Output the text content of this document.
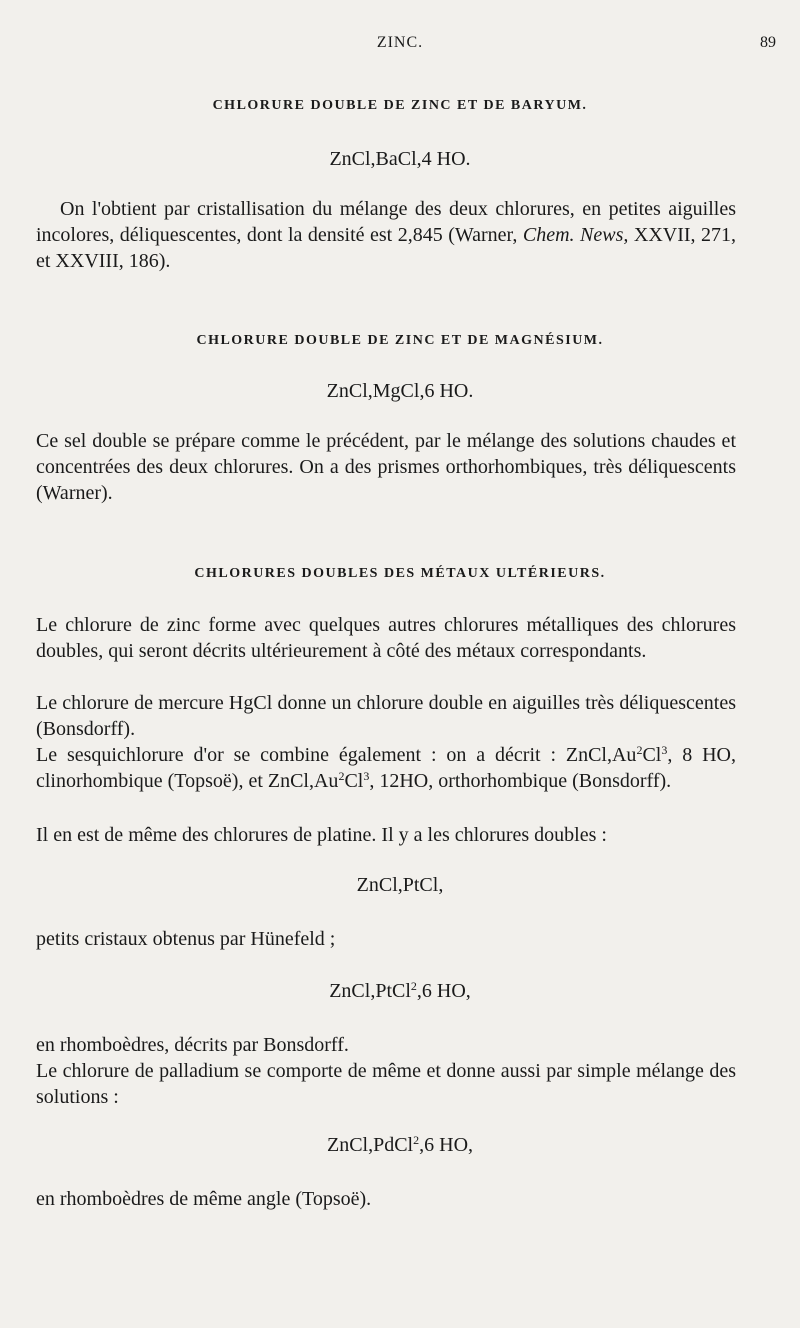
ZINC.	89
CHLORURE DOUBLE DE ZINC ET DE BARYUM.
ZnCl,BaCl,4 HO.

On l'obtient par cristallisation du mélange des deux chlorures, en petites aiguilles incolores, déliquescentes, dont la densité est 2,845 (Warner, Chem. News, XXVII, 271, et XXVIII, 186).

CHLORURE DOUBLE DE ZINC ET DE MAGNÉSIUM.
ZnCl,MgCl,6 HO.

Ce sel double se prépare comme le précédent, par le mélange des solutions chaudes et concentrées des deux chlorures. On a des prismes orthorhombiques, très déliquescents (Warner).

CHLORURES DOUBLES DES MÉTAUX ULTÉRIEURS.

Le chlorure de zinc forme avec quelques autres chlorures métalliques des chlorures doubles, qui seront décrits ultérieurement à côté des métaux correspondants.

Le chlorure de mercure HgCl donne un chlorure double en aiguilles très déliquescentes (Bonsdorff).

Le sesquichlorure d'or se combine également : on a décrit : ZnCl,Au$^2$Cl$^3$, 8 HO, clinorhombique (Topsoë), et ZnCl,Au$^2$Cl$^3$, 12HO, orthorhombique (Bonsdorff).

Il en est de même des chlorures de platine. Il y a les chlorures doubles :

ZnCl,PtCl,

petits cristaux obtenus par Hünefeld ;

ZnCl,PtCl$^2$,6 HO,

en rhomboèdres, décrits par Bonsdorff.

Le chlorure de palladium se comporte de même et donne aussi par simple mélange des solutions :

ZnCl,PdCl$^2$,6 HO,

en rhomboèdres de même angle (Topsoë).
